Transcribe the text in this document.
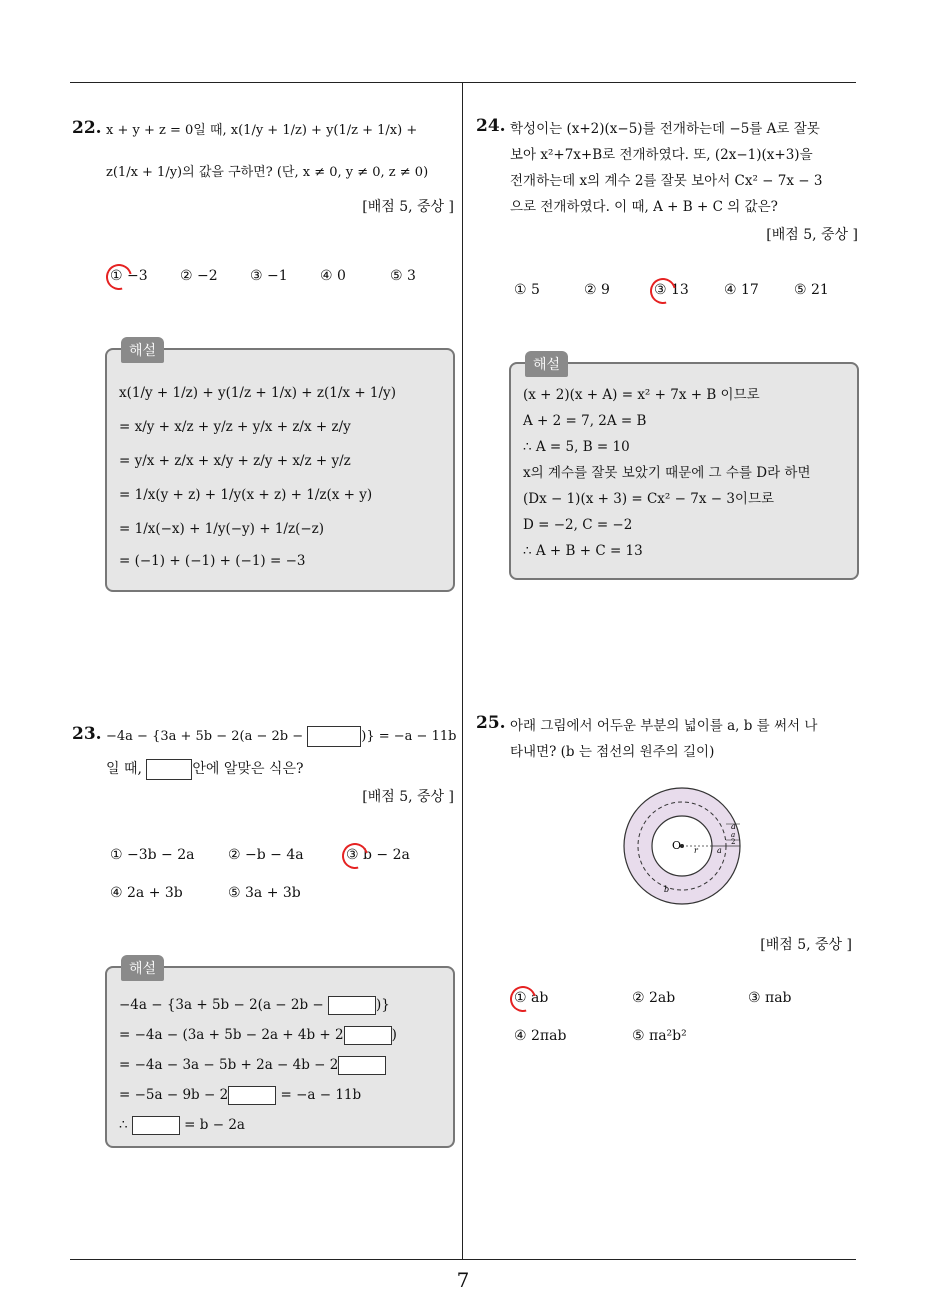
7
22. x + y + z = 0일 때, x(1/y + 1/z) + y(1/z + 1/x) +

z(1/x + 1/y)의 값을 구하면? (단, x ≠ 0, y ≠ 0, z ≠ 0)

[배점 5, 중상 ]
① −3 ② −2 ③ −1 ④ 0	⑤ 3
해설
x(1/y + 1/z) + y(1/z + 1/x) + z(1/x + 1/y)
= x/y + x/z + y/z + y/x + z/x + z/y
= y/x + z/x + x/y + z/y + x/z + y/z
= 1/x(y + z) + 1/y(x + z) + 1/z(x + y)
= 1/x(−x) + 1/y(−y) + 1/z(−z)
= (−1) + (−1) + (−1) = −3
23. −4a − {3a + 5b − 2(a − 2b −	)} = −a − 11b

일 때,	안에 알맞은 식은?

[배점 5, 중상 ]
① −3b − 2a ② −b − 4a	③ b − 2a
④ 2a + 3b	⑤ 3a + 3b
해설
−4a − {3a + 5b − 2(a − 2b −	)}
= −4a − (3a + 5b − 2a + 4b + 2	)
= −4a − 3a − 5b + 2a − 4b − 2
= −5a − 9b − 2	= −a − 11b
∴	= b − 2a
24. 학성이는 (x+2)(x−5)를 전개하는데 −5를 A로 잘못

보아 x²+7x+B로 전개하였다. 또, (2x−1)(x+3)을

전개하는데 x의 계수 2를 잘못 보아서 Cx² − 7x − 3

으로 전개하였다. 이 때, A + B + C 의 값은?

[배점 5, 중상 ]
① 5	② 9	③ 13	④ 17	⑤ 21
해설
(x + 2)(x + A) = x² + 7x + B 이므로
A + 2 = 7, 2A = B
∴ A = 5, B = 10
x의 계수를 잘못 보았기 때문에 그 수를 D라 하면
(Dx − 1)(x + 3) = Cx² − 7x − 3이므로
D = −2, C = −2
∴ A + B + C = 13
25. 아래 그림에서 어두운 부분의 넓이를 a, b 를 써서 나

타내면? (b 는 점선의 원주의 길이)

O r a
a
a
2
b
[배점 5, 중상 ]
① ab	② 2ab	③ πab
④ 2πab	⑤ πa²b²
